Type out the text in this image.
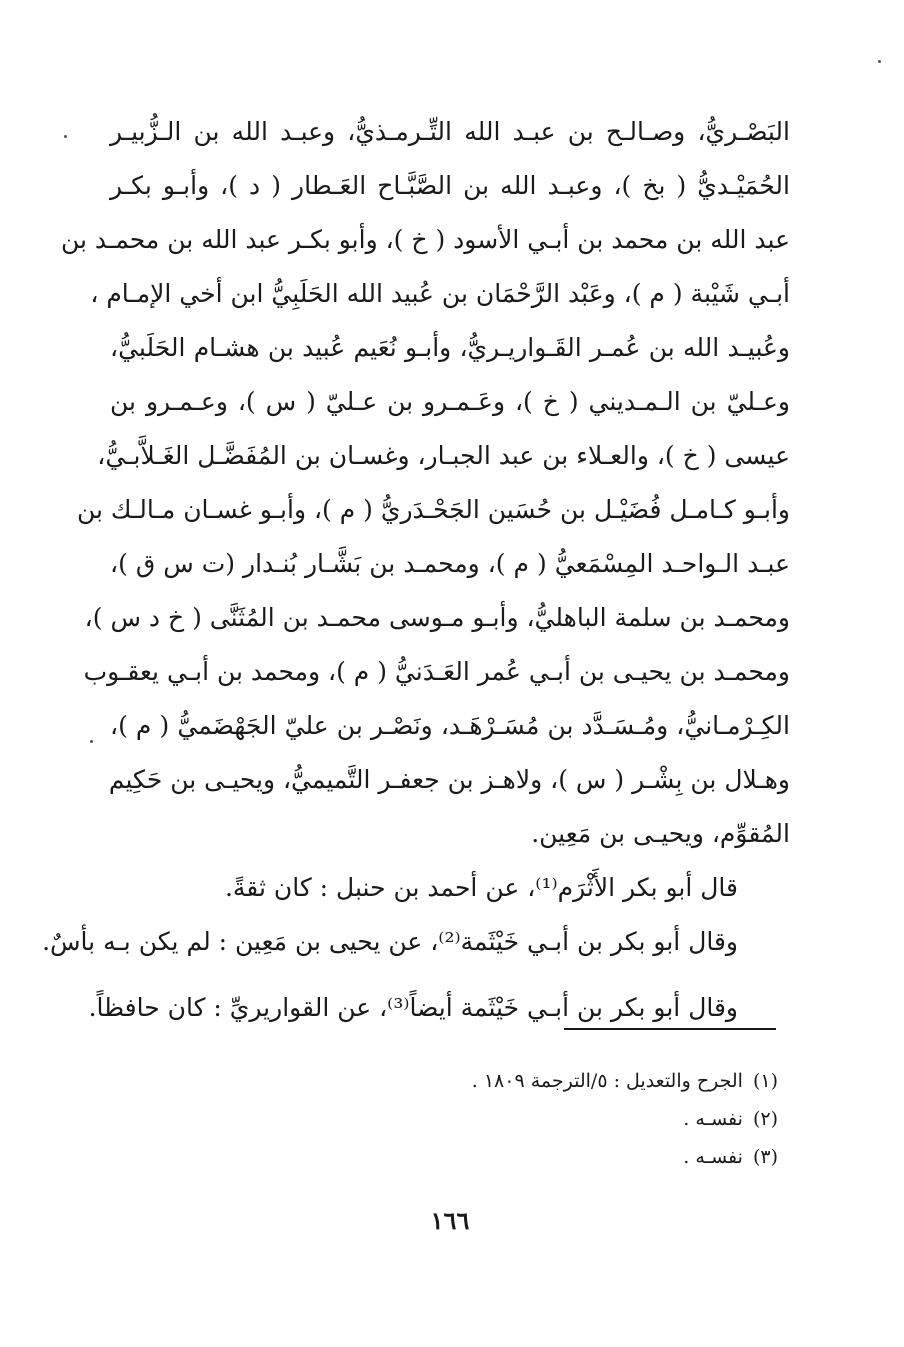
البَصْـريُّ، وصـالـح بن عبـد الله التِّـرمـذيُّ، وعبـد الله بن الـزُّبيـر
الحُمَيْـديُّ ( بخ )، وعبـد الله بن الصَّبَّـاح العَـطار ( د )، وأبـو بكـر
عبد الله بن محمد بن أبـي الأسود ( خ )، وأبو بكـر عبد الله بن محمـد بن
أبـي شَيْبة ( م )، وعَبْد الرَّحْمَان بن عُبيد الله الحَلَبِيُّ ابن أخي الإمـام ،
وعُبيـد الله بن عُمـر القَـواريـريُّ، وأبـو نُعَيم عُبيد بن هشـام الحَلَبيُّ،
وعـليّ بن الـمـديني ( خ )، وعَـمـرو بن عـليّ ( س )، وعـمـرو بن
عيسى ( خ )، والعـلاء بن عبد الجبـار، وغسـان بن المُفَضَّـل الغَـلاَّبـيُّ،
وأبـو كـامـل فُضَيْـل بن حُسَين الجَحْـدَريُّ ( م )، وأبـو غسـان مـالـك بن
عبـد الـواحـد المِسْمَعيُّ ( م )، ومحمـد بن بَشَّـار بُنـدار (ت س ق )،
ومحمـد بن سلمة الباهليُّ، وأبـو مـوسى محمـد بن المُثَنَّى ( خ د س )،
ومحمـد بن يحيـى بن أبـي عُمر العَـدَنيُّ ( م )، ومحمد بن أبـي يعقـوب
الكِـرْمـانيُّ، ومُـسَـدَّد بن مُسَـرْهَـد، ونَصْـر بن عليّ الجَهْضَميُّ ( م )،
وهـلال بن بِشْـر ( س )، ولاهـز بن جعفـر التَّميميُّ، ويحيـى بن حَكِيم
المُقوِّم، ويحيـى بن مَعِين.
قال أبو بكر الأَثْرَم⁽¹⁾، عن أحمد بن حنبل : كان ثقةً.
وقال أبو بكر بن أبـي خَيْثَمة⁽²⁾، عن يحيى بن مَعِين : لم يكن بـه بأسٌ.
وقال أبو بكر بن أبـي خَيْثَمة أيضاً⁽³⁾، عن القواريريِّ : كان حافظاً.
(١)الجرح والتعديل : ٥/الترجمة ١٨٠٩ .
(٢)نفسـه .
(٣)نفسـه .
١٦٦
